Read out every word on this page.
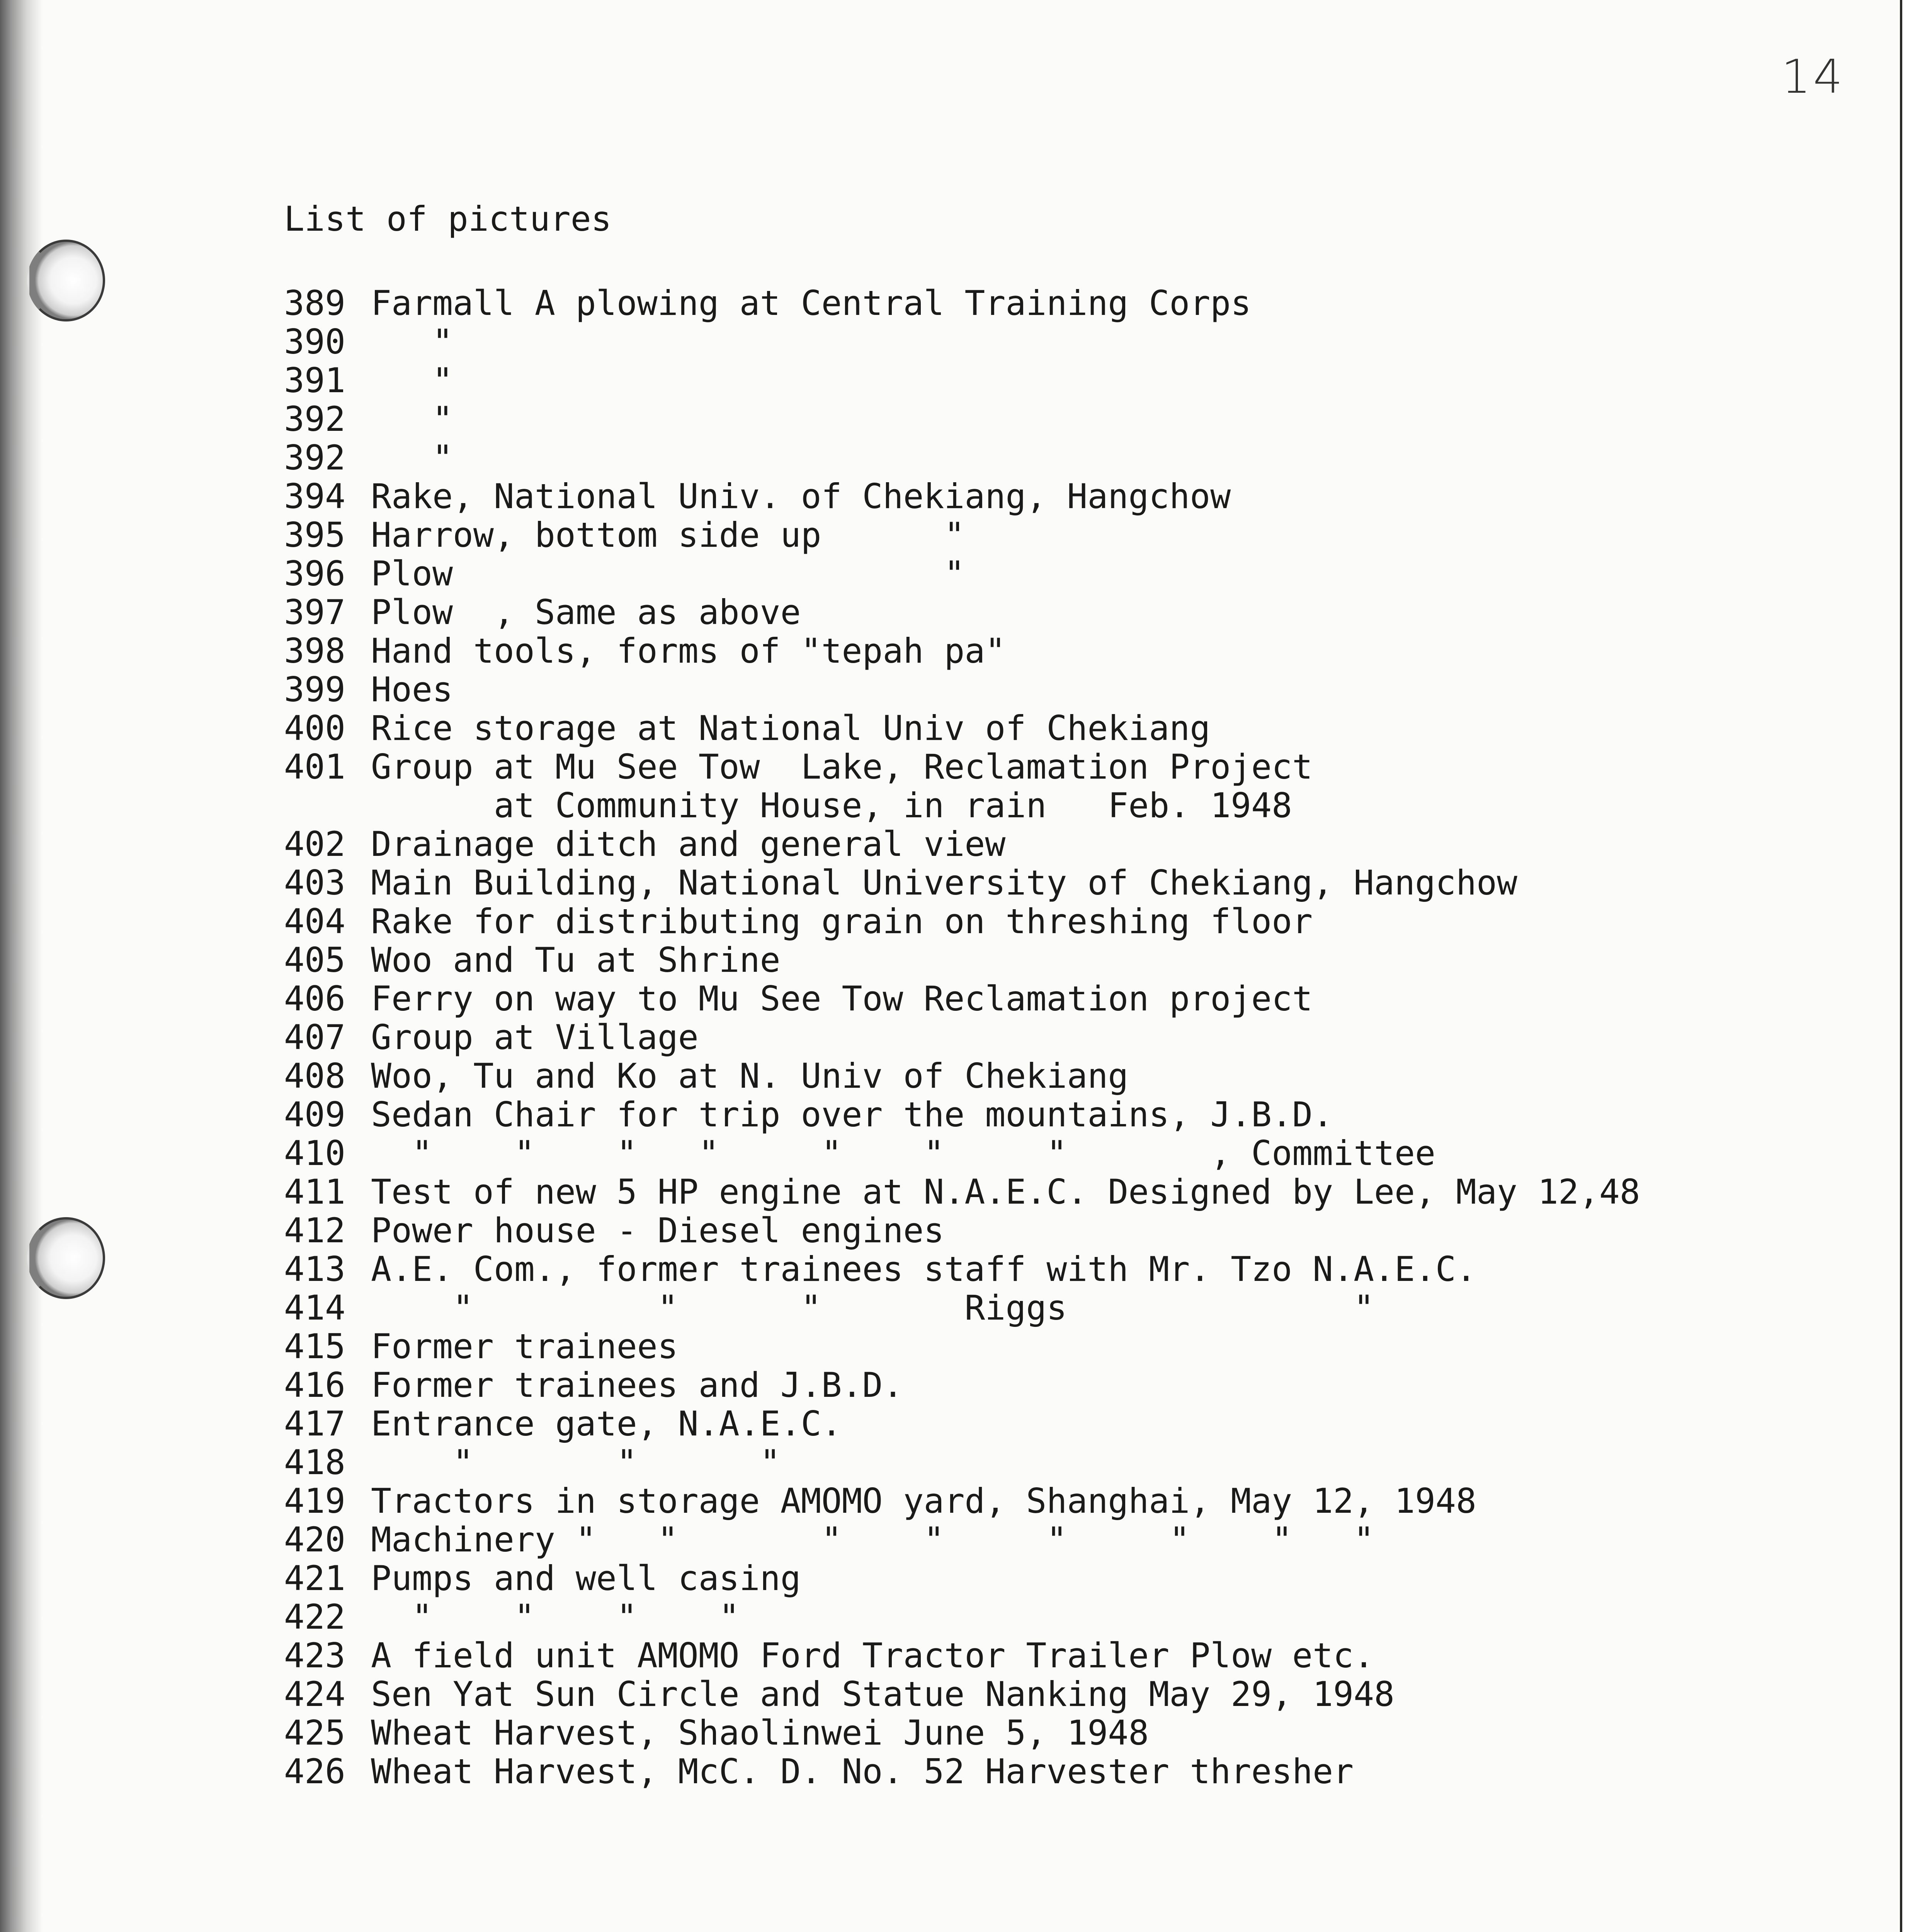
14
List of pictures
389 Farmall A plowing at Central Training Corps
390   "
391   "
392   "
392   "
394 Rake, National Univ. of Chekiang, Hangchow
395 Harrow, bottom side up      "
396 Plow                        "
397 Plow  , Same as above
398 Hand tools, forms of "tepah pa"
399 Hoes
400 Rice storage at National Univ of Chekiang
401 Group at Mu See Tow  Lake, Reclamation Project
at Community House, in rain   Feb. 1948
402 Drainage ditch and general view
403 Main Building, National University of Chekiang, Hangchow
404 Rake for distributing grain on threshing floor
405 Woo and Tu at Shrine
406 Ferry on way to Mu See Tow Reclamation project
407 Group at Village
408 Woo, Tu and Ko at N. Univ of Chekiang
409 Sedan Chair for trip over the mountains, J.B.D.
410  "    "    "   "     "    "     "       , Committee
411 Test of new 5 HP engine at N.A.E.C. Designed by Lee, May 12,48
412 Power house - Diesel engines
413 A.E. Com., former trainees staff with Mr. Tzo N.A.E.C.
414    "         "      "       Riggs              "
415 Former trainees
416 Former trainees and J.B.D.
417 Entrance gate, N.A.E.C.
418    "       "      "
419 Tractors in storage AMOMO yard, Shanghai, May 12, 1948
420 Machinery "   "       "    "     "     "    "   "
421 Pumps and well casing
422  "    "    "    "
423 A field unit AMOMO Ford Tractor Trailer Plow etc.
424 Sen Yat Sun Circle and Statue Nanking May 29, 1948
425 Wheat Harvest, Shaolinwei June 5, 1948
426 Wheat Harvest, McC. D. No. 52 Harvester thresher
